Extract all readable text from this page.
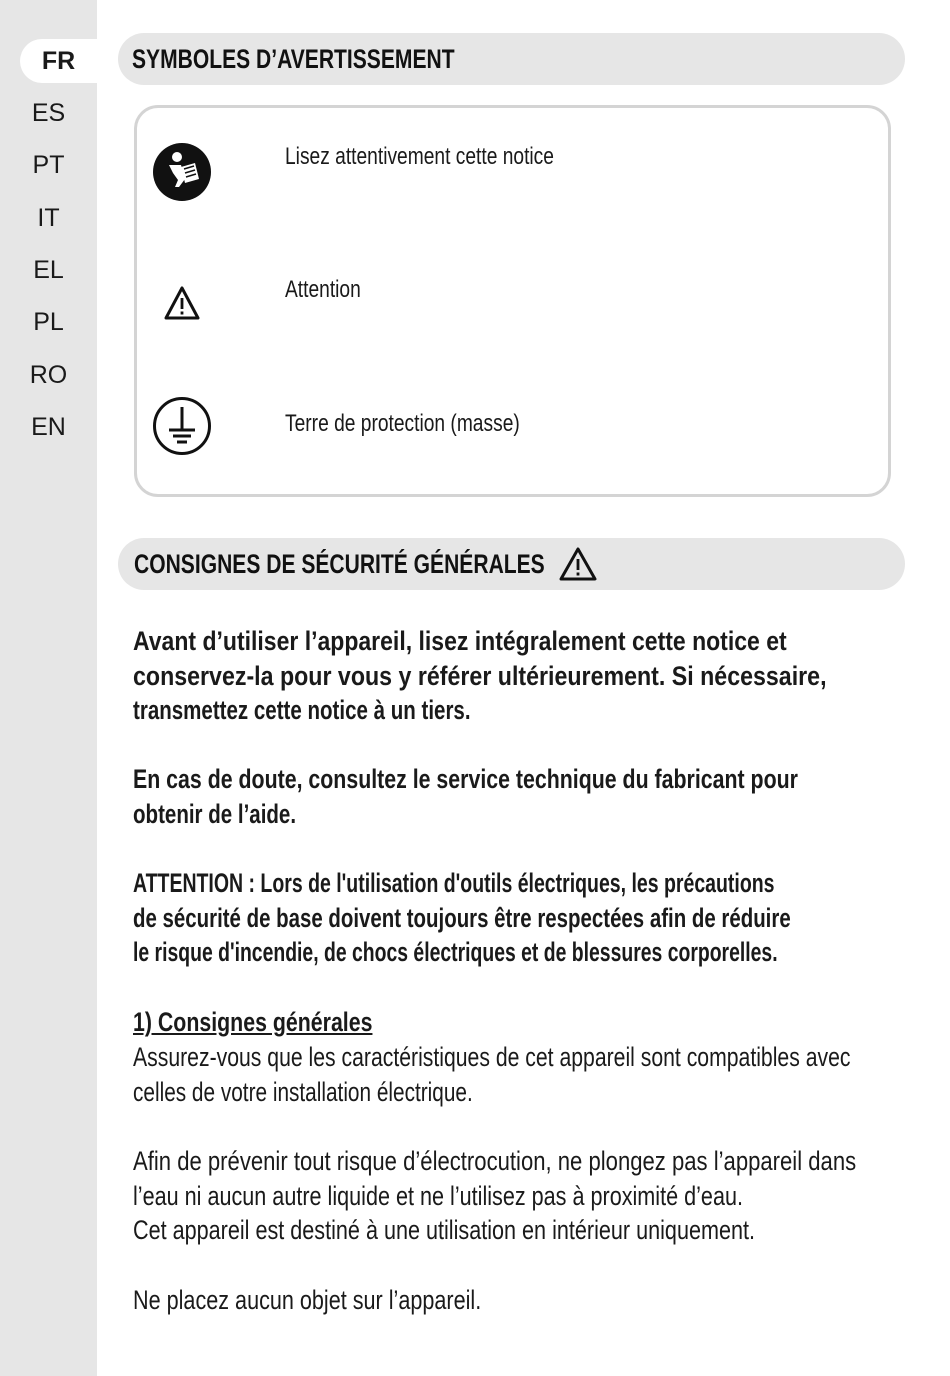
FR
ES
PT
IT
EL
PL
RO
EN
SYMBOLES D’AVERTISSEMENT
Lisez attentivement cette notice
Attention
Terre de protection (masse)
CONSIGNES DE SÉCURITÉ GÉNÉRALES
Avant d’utiliser l’appareil, lisez intégralement cette notice et
conservez-la pour vous y référer ultérieurement. Si nécessaire,
transmettez cette notice à un tiers.
En cas de doute, consultez le service technique du fabricant pour
obtenir de l’aide.
ATTENTION : Lors de l'utilisation d'outils électriques, les précautions
de sécurité de base doivent toujours être respectées afin de réduire
le risque d'incendie, de chocs électriques et de blessures corporelles.
1) Consignes générales
Assurez-vous que les caractéristiques de cet appareil sont compatibles avec
celles de votre installation électrique.
Afin de prévenir tout risque d’électrocution, ne plongez pas l’appareil dans
l’eau ni aucun autre liquide et ne l’utilisez pas à proximité d’eau.
Cet appareil est destiné à une utilisation en intérieur uniquement.
Ne placez aucun objet sur l’appareil.
